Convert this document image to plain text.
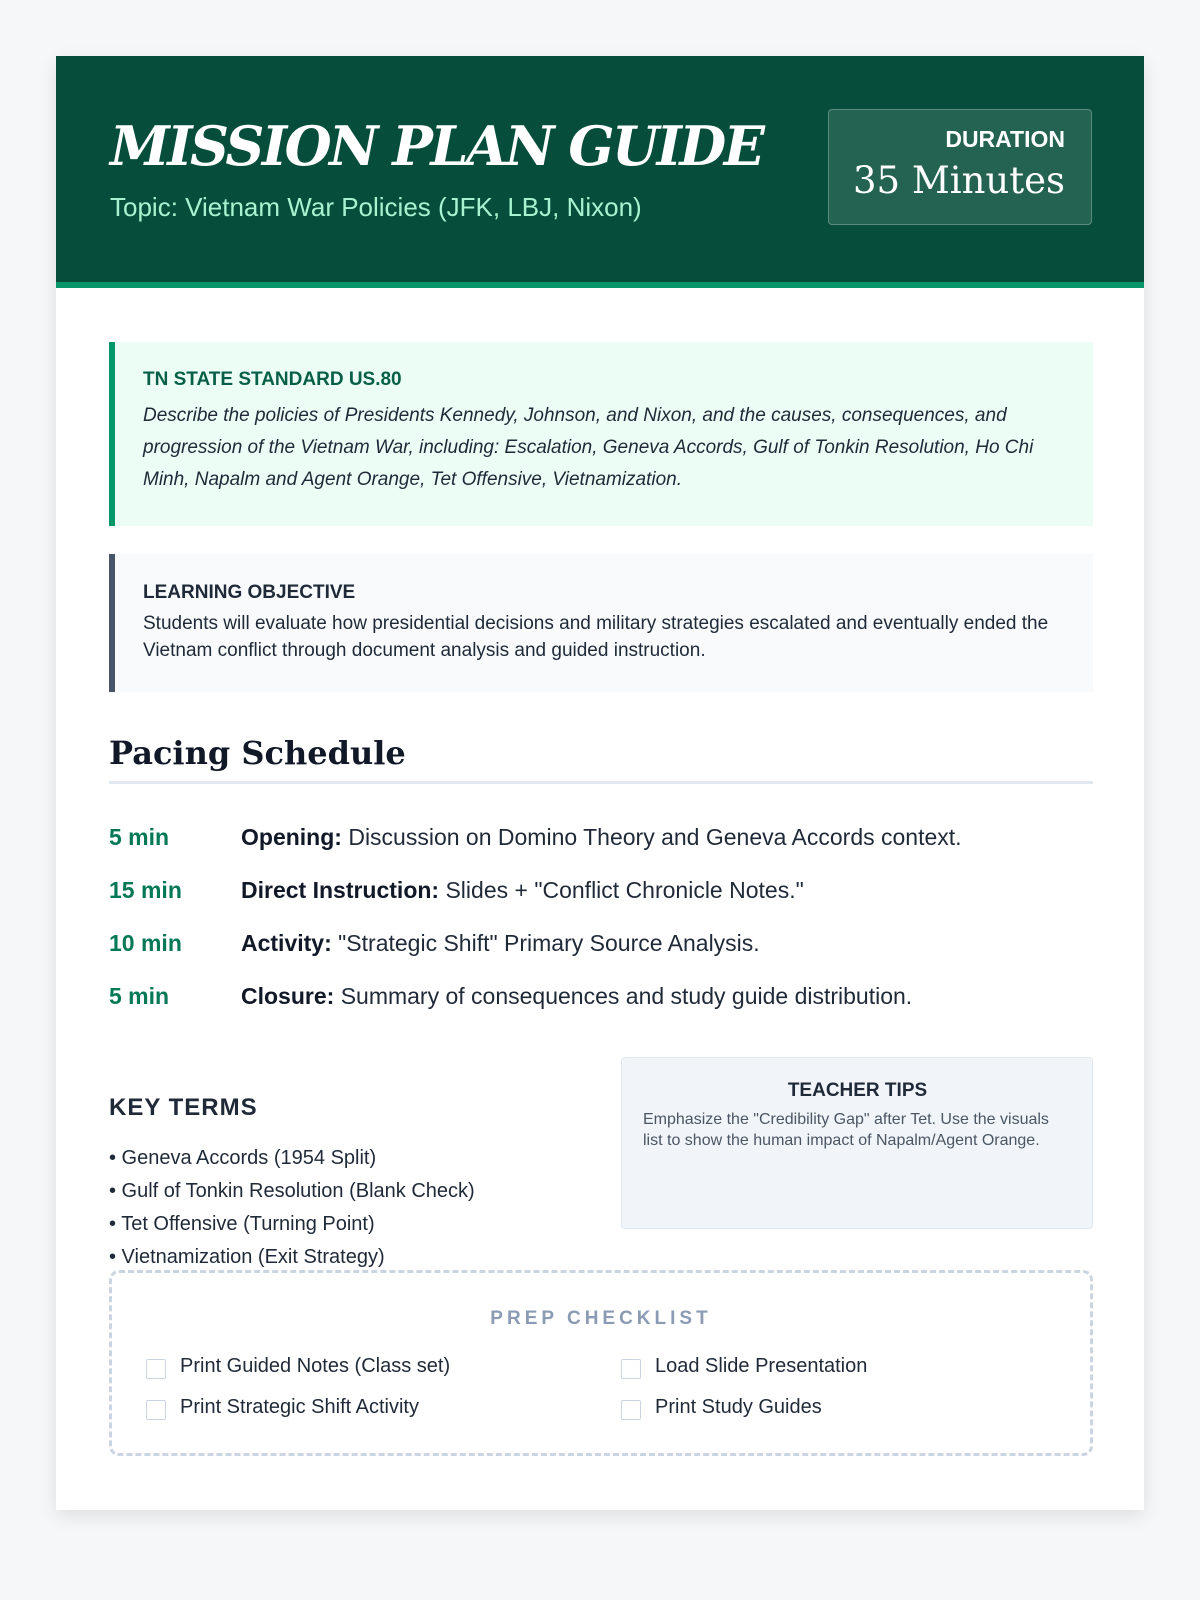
MISSION PLAN GUIDE
Topic: Vietnam War Policies (JFK, LBJ, Nixon)
DURATION
35 Minutes
TN STATE STANDARD US.80
Describe the policies of Presidents Kennedy, Johnson, and Nixon, and the causes, consequences, and progression of the Vietnam War, including: Escalation, Geneva Accords, Gulf of Tonkin Resolution, Ho Chi Minh, Napalm and Agent Orange, Tet Offensive, Vietnamization.
LEARNING OBJECTIVE
Students will evaluate how presidential decisions and military strategies escalated and eventually ended the Vietnam conflict through document analysis and guided instruction.
Pacing Schedule
5 min	Opening: Discussion on Domino Theory and Geneva Accords context.
15 min	Direct Instruction: Slides + "Conflict Chronicle Notes."
10 min	Activity: "Strategic Shift" Primary Source Analysis.
5 min	Closure: Summary of consequences and study guide distribution.
KEY TERMS
• Geneva Accords (1954 Split)
• Gulf of Tonkin Resolution (Blank Check)
• Tet Offensive (Turning Point)
• Vietnamization (Exit Strategy)
TEACHER TIPS
Emphasize the "Credibility Gap" after Tet. Use the visuals list to show the human impact of Napalm/Agent Orange.
PREP CHECKLIST
Print Guided Notes (Class set)	Load Slide Presentation
Print Strategic Shift Activity	Print Study Guides
